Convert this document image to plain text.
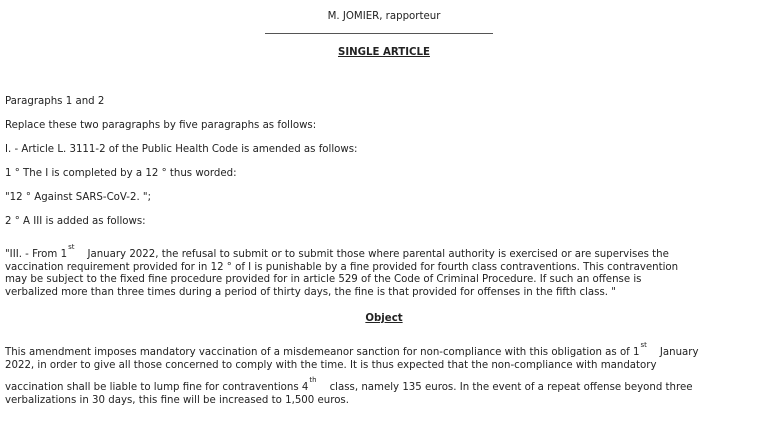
M. JOMIER, rapporteur
SINGLE ARTICLE
Paragraphs 1 and 2
Replace these two paragraphs by five paragraphs as follows:
I. - Article L. 3111-2 of the Public Health Code is amended as follows:
1 ° The I is completed by a 12 ° thus worded:
"12 ° Against SARS-CoV-2. ";
2 ° A III is added as follows:
"III. - From 1stJanuary 2022, the refusal to submit or to submit those where parental authority is exercised or are supervises the
vaccination requirement provided for in 12 ° of I is punishable by a fine provided for fourth class contraventions. This contravention
may be subject to the fixed fine procedure provided for in article 529 of the Code of Criminal Procedure. If such an offense is
verbalized more than three times during a period of thirty days, the fine is that provided for offenses in the fifth class. "
Object
This amendment imposes mandatory vaccination of a misdemeanor sanction for non-compliance with this obligation as of 1stJanuary
2022, in order to give all those concerned to comply with the time. It is thus expected that the non-compliance with mandatory
vaccination shall be liable to lump fine for contraventions 4thclass, namely 135 euros. In the event of a repeat offense beyond three
verbalizations in 30 days, this fine will be increased to 1,500 euros.
